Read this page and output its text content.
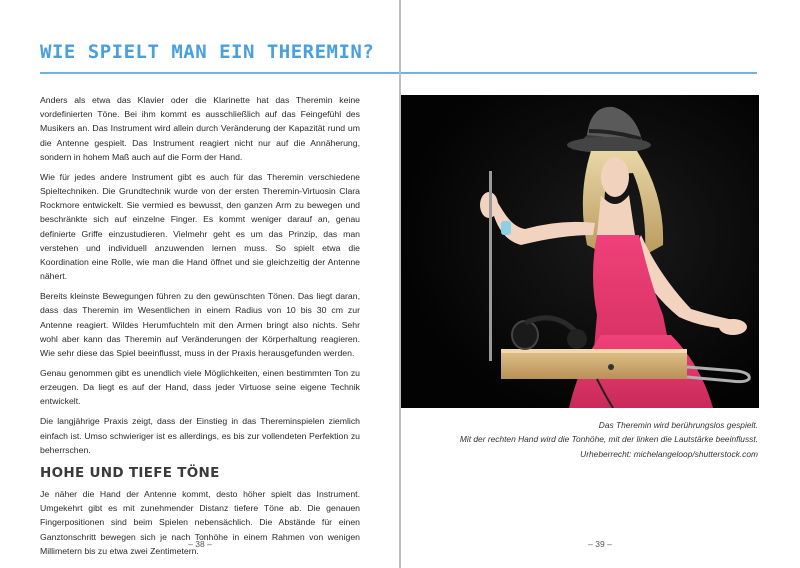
WIE SPIELT MAN EIN THEREMIN?

Anders als etwa das Klavier oder die Klarinette hat das Theremin keine vordefinierten Töne. Bei ihm kommt es ausschließlich auf das Feingefühl des Musikers an. Das Instrument wird allein durch Veränderung der Kapazität rund um die Antenne gespielt. Das Instrument reagiert nicht nur auf die Annäherung, sondern in hohem Maß auch auf die Form der Hand.

Wie für jedes andere Instrument gibt es auch für das Theremin verschiedene Spieltechniken. Die Grundtechnik wurde von der ersten Theremin-Virtuosin Clara Rockmore entwickelt. Sie vermied es bewusst, den ganzen Arm zu bewegen und beschränkte sich auf einzelne Finger. Es kommt weniger darauf an, genau definierte Griffe einzustudieren. Vielmehr geht es um das Prinzip, das man verstehen und individuell anzuwenden lernen muss. So spielt etwa die Koordination eine Rolle, wie man die Hand öffnet und sie gleichzeitig der Antenne nähert.

Bereits kleinste Bewegungen führen zu den gewünschten Tönen. Das liegt daran, dass das Theremin im Wesentlichen in einem Radius von 10 bis 30 cm zur Antenne reagiert. Wildes Herumfuchteln mit den Armen bringt also nichts. Sehr wohl aber kann das Theremin auf Veränderungen der Körperhaltung reagieren. Wie sehr diese das Spiel beeinflusst, muss in der Praxis herausgefunden werden.

Genau genommen gibt es unendlich viele Möglichkeiten, einen bestimmten Ton zu erzeugen. Da liegt es auf der Hand, dass jeder Virtuose seine eigene Technik entwickelt.

Die langjährige Praxis zeigt, dass der Einstieg in das Thereminspielen ziemlich einfach ist. Umso schwieriger ist es allerdings, es bis zur vollendeten Perfektion zu beherrschen.

HOHE UND TIEFE TÖNE

Je näher die Hand der Antenne kommt, desto höher spielt das Instrument. Umgekehrt gibt es mit zunehmender Distanz tiefere Töne ab. Die genauen Fingerpositionen sind beim Spielen nebensächlich. Die Abstände für einen Ganztonschritt bewegen sich je nach Tonhöhe in einem Rahmen von wenigen Millimetern bis zu etwa zwei Zentimetern.

– 38 –
Das Theremin wird berührungslos gespielt.
Mit der rechten Hand wird die Tonhöhe, mit der linken die Lautstärke beeinflusst.
Urheberrecht: michelangeloop/shutterstock.com
– 39 –
